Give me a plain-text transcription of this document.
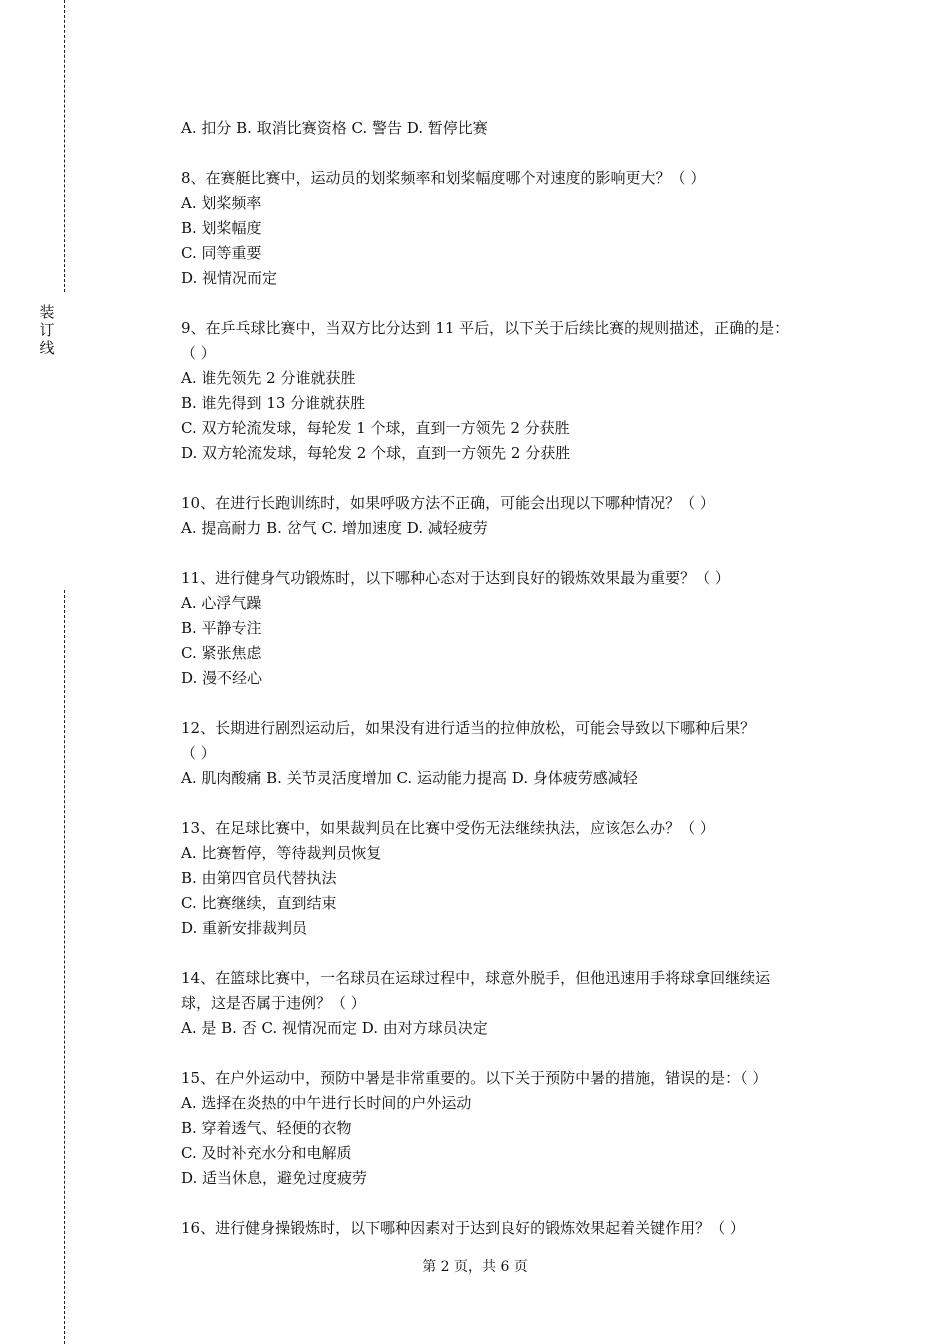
装
订
线
A. 扣分 B. 取消比赛资格 C. 警告 D. 暂停比赛
8、在赛艇比赛中，运动员的划桨频率和划桨幅度哪个对速度的影响更大？（ ）
A. 划桨频率
B. 划桨幅度
C. 同等重要
D. 视情况而定
9、在乒乓球比赛中，当双方比分达到 11 平后，以下关于后续比赛的规则描述，正确的是：
（ ）
A. 谁先领先 2 分谁就获胜
B. 谁先得到 13 分谁就获胜
C. 双方轮流发球，每轮发 1 个球，直到一方领先 2 分获胜
D. 双方轮流发球，每轮发 2 个球，直到一方领先 2 分获胜
10、在进行长跑训练时，如果呼吸方法不正确，可能会出现以下哪种情况？（ ）
A. 提高耐力 B. 岔气 C. 增加速度 D. 减轻疲劳
11、进行健身气功锻炼时，以下哪种心态对于达到良好的锻炼效果最为重要？（ ）
A. 心浮气躁
B. 平静专注
C. 紧张焦虑
D. 漫不经心
12、长期进行剧烈运动后，如果没有进行适当的拉伸放松，可能会导致以下哪种后果？
（ ）
A. 肌肉酸痛 B. 关节灵活度增加 C. 运动能力提高 D. 身体疲劳感减轻
13、在足球比赛中，如果裁判员在比赛中受伤无法继续执法，应该怎么办？（ ）
A. 比赛暂停，等待裁判员恢复
B. 由第四官员代替执法
C. 比赛继续，直到结束
D. 重新安排裁判员
14、在篮球比赛中，一名球员在运球过程中，球意外脱手，但他迅速用手将球拿回继续运
球，这是否属于违例？（ ）
A. 是 B. 否 C. 视情况而定 D. 由对方球员决定
15、在户外运动中，预防中暑是非常重要的。以下关于预防中暑的措施，错误的是：（ ）
A. 选择在炎热的中午进行长时间的户外运动
B. 穿着透气、轻便的衣物
C. 及时补充水分和电解质
D. 适当休息，避免过度疲劳
16、进行健身操锻炼时，以下哪种因素对于达到良好的锻炼效果起着关键作用？（ ）
第 2 页，共 6 页
